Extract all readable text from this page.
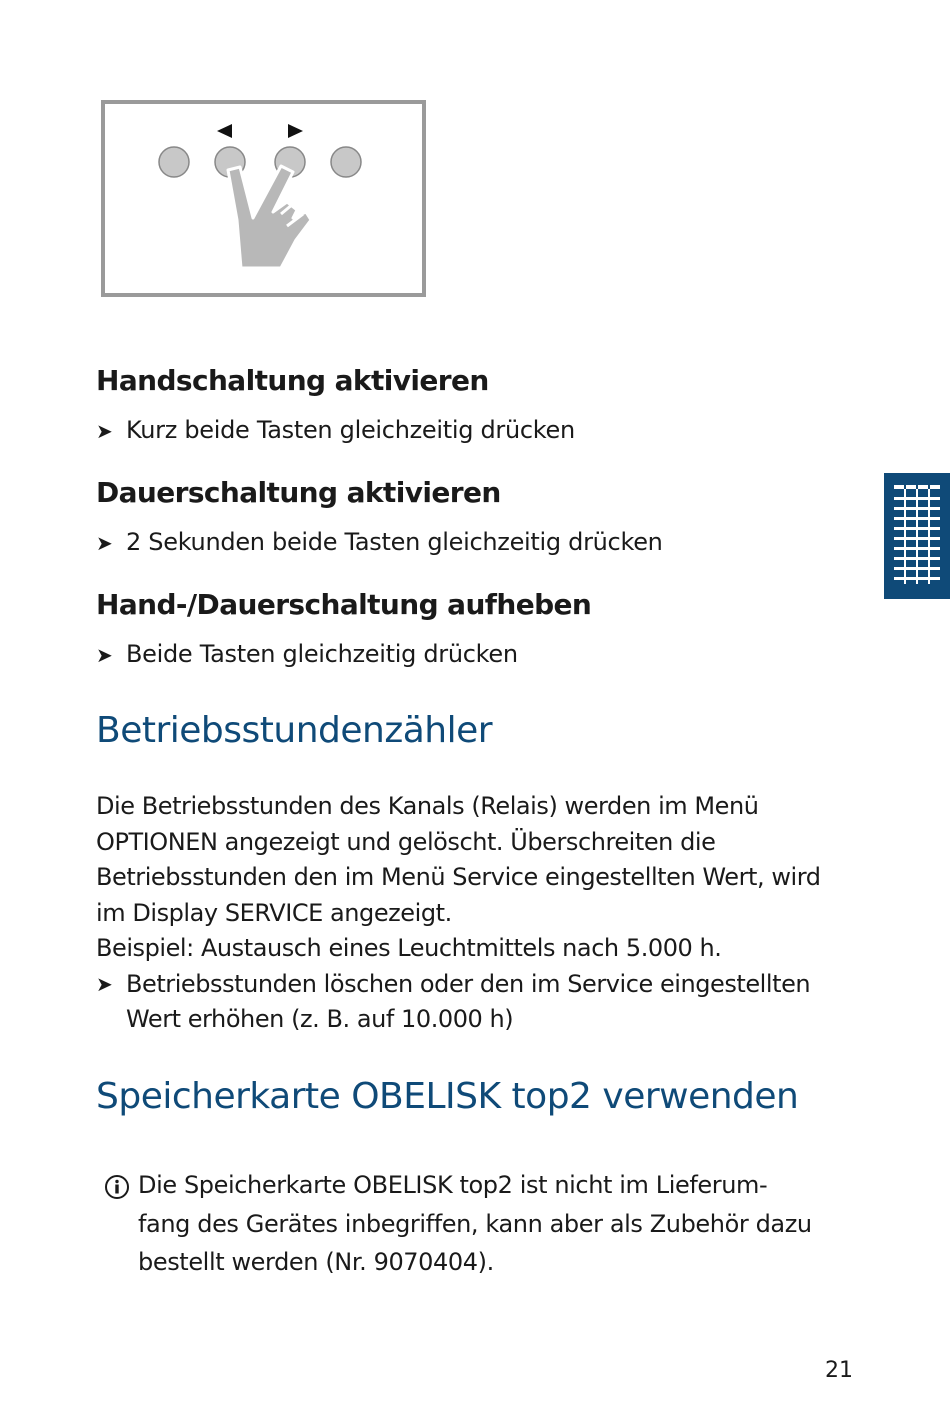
Handschaltung aktivieren

➤ Kurz beide Tasten gleichzeitig drücken

Dauerschaltung aktivieren

➤ 2 Sekunden beide Tasten gleichzeitig drücken

Hand-/Dauerschaltung aufheben

➤ Beide Tasten gleichzeitig drücken

Betriebsstundenzähler

Die Betriebsstunden des Kanals (Relais) werden im Menü

OPTIONEN angezeigt und gelöscht. Überschreiten die

Betriebsstunden den im Menü Service eingestellten Wert, wird

im Display SERVICE angezeigt.

Beispiel: Austausch eines Leuchtmittels nach 5.000 h.

➤ Betriebsstunden löschen oder den im Service eingestellten

Wert erhöhen (z. B. auf 10.000 h)

Speicherkarte OBELISK top2 verwenden

Die Speicherkarte OBELISK top2 ist nicht im Lieferum-

fang des Gerätes inbegriffen, kann aber als Zubehör dazu

bestellt werden (Nr. 9070404).

21
